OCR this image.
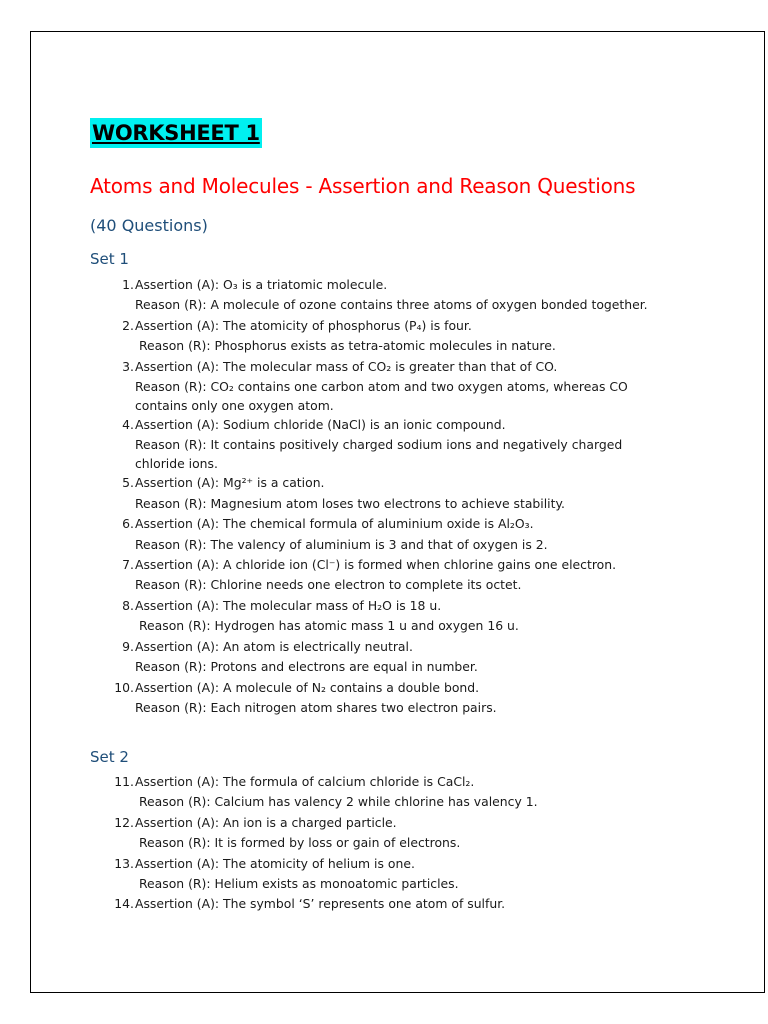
WORKSHEET 1
Atoms and Molecules - Assertion and Reason Questions
(40 Questions)
Set 1
1. Assertion (A): O₃ is a triatomic molecule.
Reason (R): A molecule of ozone contains three atoms of oxygen bonded together.
2. Assertion (A): The atomicity of phosphorus (P₄) is four.
Reason (R): Phosphorus exists as tetra-atomic molecules in nature.
3. Assertion (A): The molecular mass of CO₂ is greater than that of CO.
Reason (R): CO₂ contains one carbon atom and two oxygen atoms, whereas CO contains only one oxygen atom.
4. Assertion (A): Sodium chloride (NaCl) is an ionic compound.
Reason (R): It contains positively charged sodium ions and negatively charged chloride ions.
5. Assertion (A): Mg²⁺ is a cation.
Reason (R): Magnesium atom loses two electrons to achieve stability.
6. Assertion (A): The chemical formula of aluminium oxide is Al₂O₃.
Reason (R): The valency of aluminium is 3 and that of oxygen is 2.
7. Assertion (A): A chloride ion (Cl⁻) is formed when chlorine gains one electron.
Reason (R): Chlorine needs one electron to complete its octet.
8. Assertion (A): The molecular mass of H₂O is 18 u.
Reason (R): Hydrogen has atomic mass 1 u and oxygen 16 u.
9. Assertion (A): An atom is electrically neutral.
Reason (R): Protons and electrons are equal in number.
10. Assertion (A): A molecule of N₂ contains a double bond.
Reason (R): Each nitrogen atom shares two electron pairs.
Set 2
11. Assertion (A): The formula of calcium chloride is CaCl₂.
Reason (R): Calcium has valency 2 while chlorine has valency 1.
12. Assertion (A): An ion is a charged particle.
Reason (R): It is formed by loss or gain of electrons.
13. Assertion (A): The atomicity of helium is one.
Reason (R): Helium exists as monoatomic particles.
14. Assertion (A): The symbol ‘S’ represents one atom of sulfur.
